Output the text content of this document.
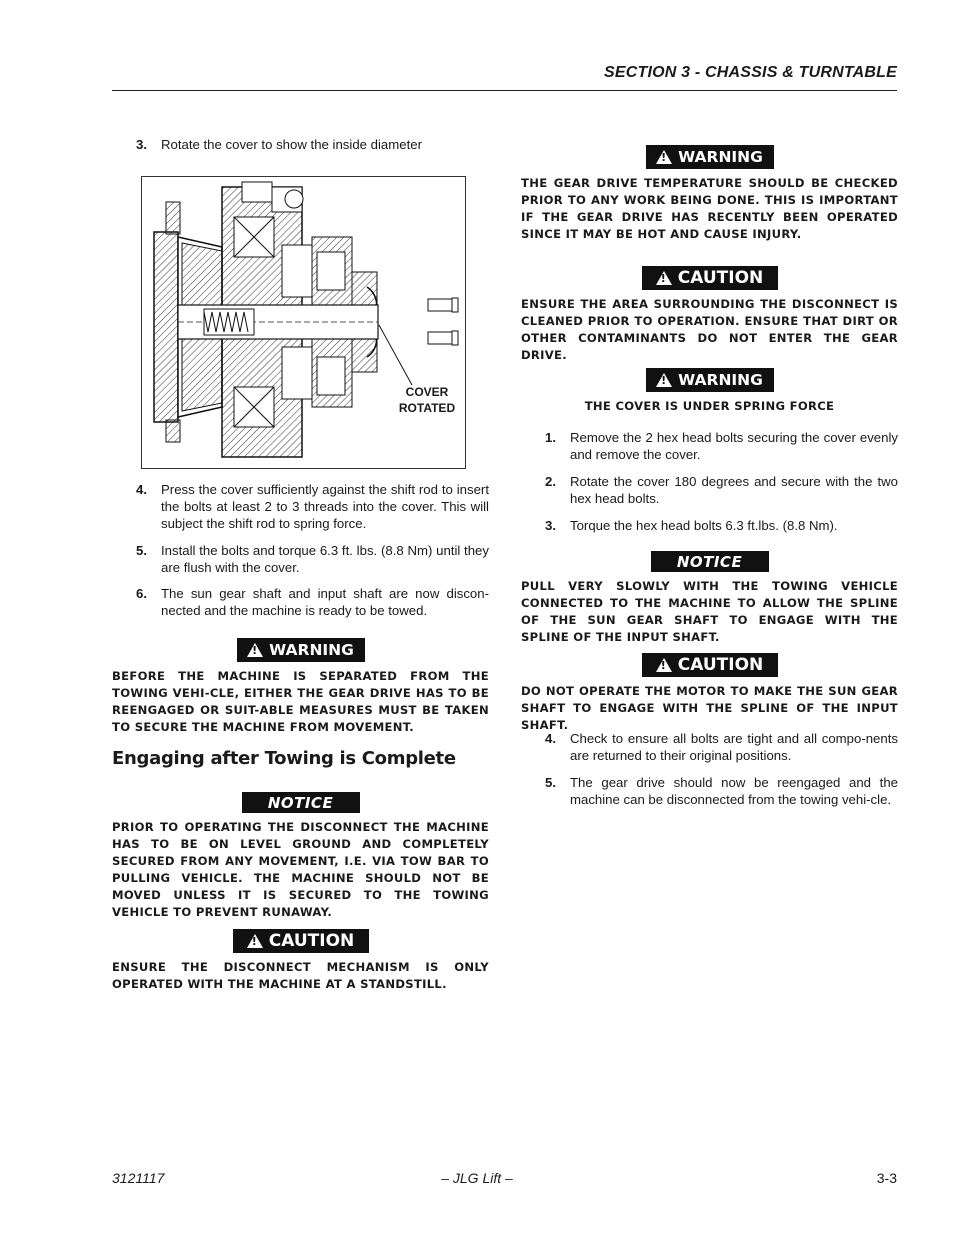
SECTION 3 - CHASSIS & TURNTABLE
3. Rotate the cover to show the inside diameter
COVER
ROTATED
4. Press the cover sufficiently against the shift rod to insert the bolts at least 2 to 3 threads into the cover. This will subject the shift rod to spring force.
5. Install the bolts and torque 6.3 ft. lbs. (8.8 Nm) until they are flush with the cover.
6. The sun gear shaft and input shaft are now discon-nected and the machine is ready to be towed.
!
WARNING
BEFORE THE MACHINE IS SEPARATED FROM THE TOWING VEHI-CLE, EITHER THE GEAR DRIVE HAS TO BE REENGAGED OR SUIT-ABLE MEASURES MUST BE TAKEN TO SECURE THE MACHINE FROM MOVEMENT.
Engaging after Towing is Complete
NOTICE
PRIOR TO OPERATING THE DISCONNECT THE MACHINE HAS TO BE ON LEVEL GROUND AND COMPLETELY SECURED FROM ANY MOVEMENT, I.E. VIA TOW BAR TO PULLING VEHICLE. THE MACHINE SHOULD NOT BE MOVED UNLESS IT IS SECURED TO THE TOWING VEHICLE TO PREVENT RUNAWAY.
!
CAUTION
ENSURE THE DISCONNECT MECHANISM IS ONLY OPERATED WITH THE MACHINE AT A STANDSTILL.
!
WARNING
THE GEAR DRIVE TEMPERATURE SHOULD BE CHECKED PRIOR TO ANY WORK BEING DONE. THIS IS IMPORTANT IF THE GEAR DRIVE HAS RECENTLY BEEN OPERATED SINCE IT MAY BE HOT AND CAUSE INJURY.
!
CAUTION
ENSURE THE AREA SURROUNDING THE DISCONNECT IS CLEANED PRIOR TO OPERATION. ENSURE THAT DIRT OR OTHER CONTAMINANTS DO NOT ENTER THE GEAR DRIVE.
!
WARNING
THE COVER IS UNDER SPRING FORCE
1. Remove the 2 hex head bolts securing the cover evenly and remove the cover.
2. Rotate the cover 180 degrees and secure with the two hex head bolts.
3. Torque the hex head bolts 6.3 ft.lbs. (8.8 Nm).
NOTICE
PULL VERY SLOWLY WITH THE TOWING VEHICLE CONNECTED TO THE MACHINE TO ALLOW THE SPLINE OF THE SUN GEAR SHAFT TO ENGAGE WITH THE SPLINE OF THE INPUT SHAFT.
!
CAUTION
DO NOT OPERATE THE MOTOR TO MAKE THE SUN GEAR SHAFT TO ENGAGE WITH THE SPLINE OF THE INPUT SHAFT.
4. Check to ensure all bolts are tight and all compo-nents are returned to their original positions.
5. The gear drive should now be reengaged and the machine can be disconnected from the towing vehi-cle.
– JLG Lift –
3121117	3-3
